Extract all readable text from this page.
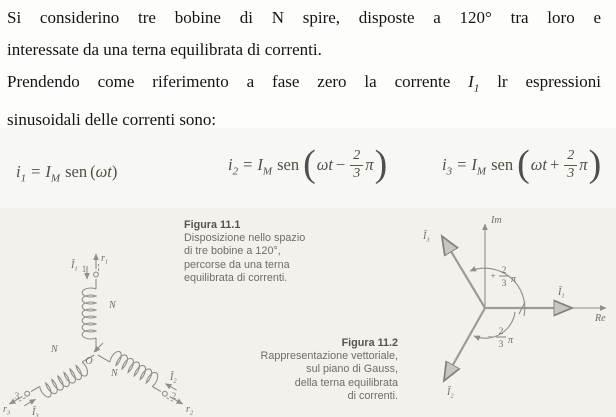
Si considerino tre bobine di N spire, disposte a 120° tra loro e
interessate da una terna equilibrata di correnti.
Prendendo come riferimento a fase zero la corrente $I_1$ lr espressioni
sinusoidali delle correnti sono:
$i_1 = I_M$ sen (ωt)	$i_2 = I_M$ sen $(\omega t - \frac{2}{3} \pi)$	$i_3 = I_M$ sen $(\omega t + \frac{2}{3} \pi)$
Figura 11.1
Disposizione nello spazio
di tre bobine a 120°,
percorse da una terna
equilibrata di correnti.
Figura 11.2
Rappresentazione vettoriale,
sul piano di Gauss,
della terna equilibrata
di correnti.
1
2
3
O
N
N
N
$r_1$
$r_2$
$r_3$
$Ī_1$
$Ī_2$
$Ī_3$
Im
Re
$Ī_1$
$Ī_3$
$Ī_2$
+
2
3 π
−
2
3 π
